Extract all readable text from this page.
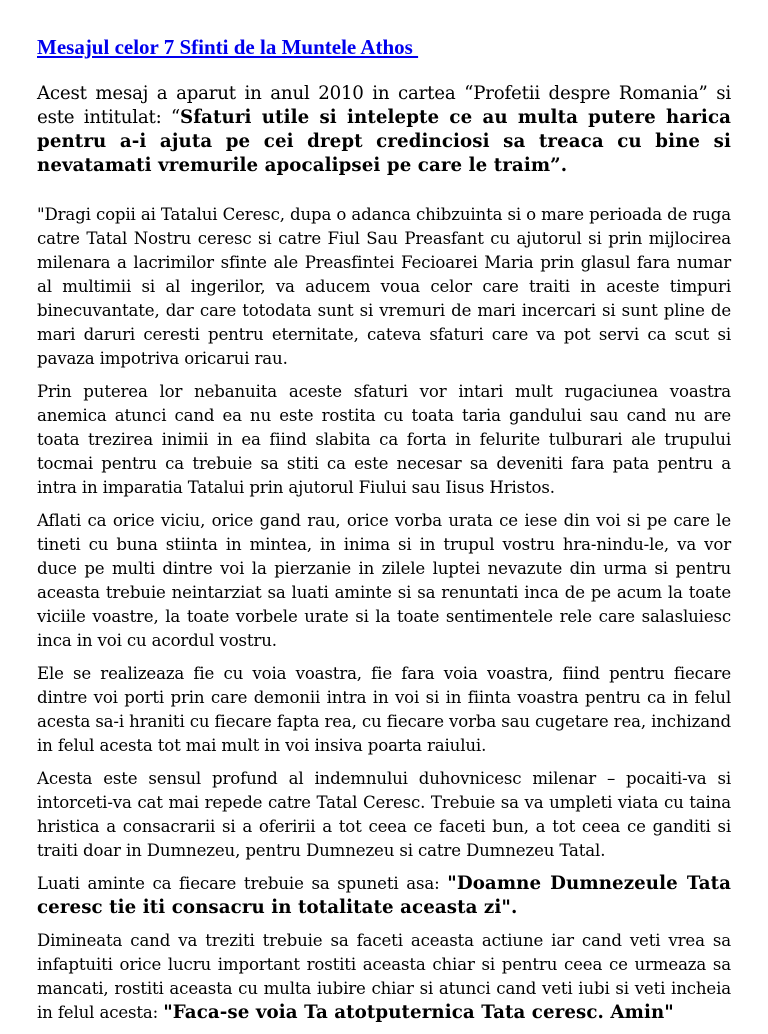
Mesajul celor 7 Sfinti de la Muntele Athos

Acest mesaj a aparut in anul 2010 in cartea “Profetii despre Romania” si este intitulat: “Sfaturi utile si intelepte ce au multa putere harica pentru a-i ajuta pe cei drept credinciosi sa treaca cu bine si nevatamati vremurile apocalipsei pe care le traim”.

"Dragi copii ai Tatalui Ceresc, dupa o adanca chibzuinta si o mare perioada de ruga catre Tatal Nostru ceresc si catre Fiul Sau Preasfant cu ajutorul si prin mijlocirea milenara a lacrimilor sfinte ale Preasfintei Fecioarei Maria prin glasul fara numar al multimii si al ingerilor, va aducem voua celor care traiti in aceste timpuri binecuvantate, dar care totodata sunt si vremuri de mari incercari si sunt pline de mari daruri ceresti pentru eternitate, cateva sfaturi care va pot servi ca scut si pavaza impotriva oricarui rau.

Prin puterea lor nebanuita aceste sfaturi vor intari mult rugaciunea voastra anemica atunci cand ea nu este rostita cu toata taria gandului sau cand nu are toata trezirea inimii in ea fiind slabita ca forta in felurite tulburari ale trupului tocmai pentru ca trebuie sa stiti ca este necesar sa deveniti fara pata pentru a intra in imparatia Tatalui prin ajutorul Fiului sau Iisus Hristos.

Aflati ca orice viciu, orice gand rau, orice vorba urata ce iese din voi si pe care le tineti cu buna stiinta in mintea, in inima si in trupul vostru hra-nindu-le, va vor duce pe multi dintre voi la pierzanie in zilele luptei nevazute din urma si pentru aceasta trebuie neintarziat sa luati aminte si sa renuntati inca de pe acum la toate viciile voastre, la toate vorbele urate si la toate sentimentele rele care salasluiesc inca in voi cu acordul vostru.

Ele se realizeaza fie cu voia voastra, fie fara voia voastra, fiind pentru fiecare dintre voi porti prin care demonii intra in voi si in fiinta voastra pentru ca in felul acesta sa-i hraniti cu fiecare fapta rea, cu fiecare vorba sau cugetare rea, inchizand in felul acesta tot mai mult in voi insiva poarta raiului.

Acesta este sensul profund al indemnului duhovnicesc milenar – pocaiti-va si intorceti-va cat mai repede catre Tatal Ceresc. Trebuie sa va umpleti viata cu taina hristica a consacrarii si a oferirii a tot ceea ce faceti bun, a tot ceea ce ganditi si traiti doar in Dumnezeu, pentru Dumnezeu si catre Dumnezeu Tatal.

Luati aminte ca fiecare trebuie sa spuneti asa: "Doamne Dumnezeule Tata ceresc tie iti consacru in totalitate aceasta zi".

Dimineata cand va treziti trebuie sa faceti aceasta actiune iar cand veti vrea sa infaptuiti orice lucru important rostiti aceasta chiar si pentru ceea ce urmeaza sa mancati, rostiti aceasta cu multa iubire chiar si atunci cand veti iubi si veti incheia in felul acesta: "Faca-se voia Ta atotputernica Tata ceresc. Amin"
